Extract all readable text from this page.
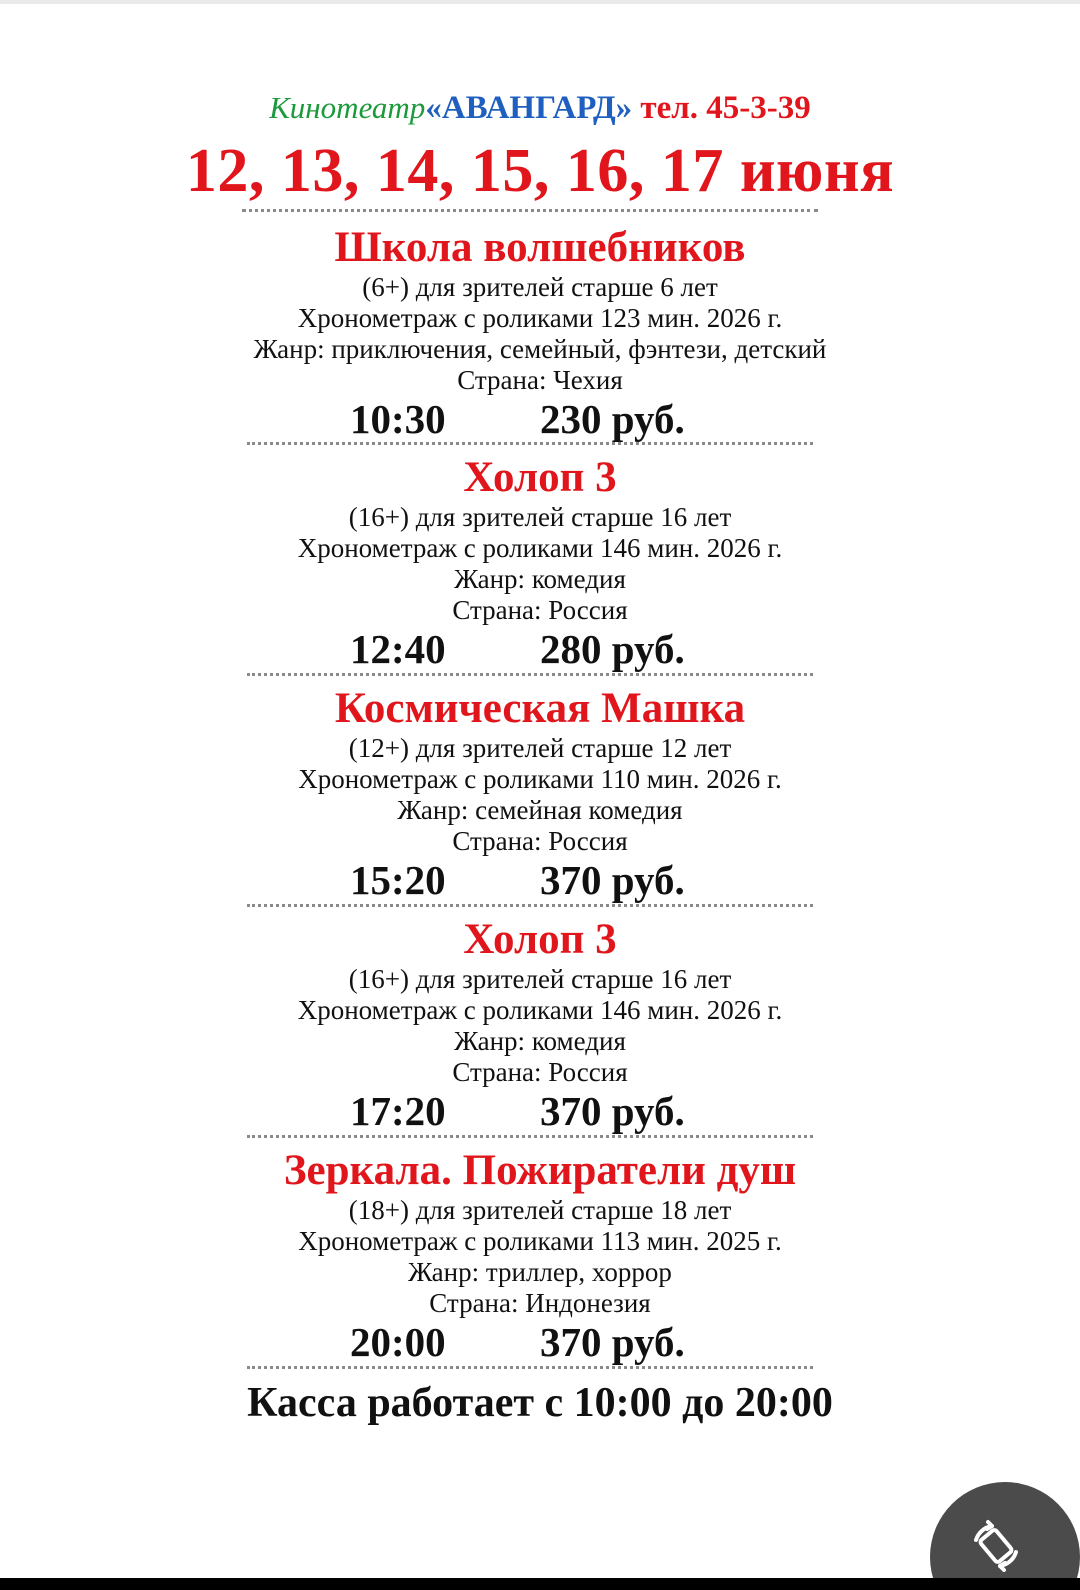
Кинотеатр«АВАНГАРД» тел. 45-3-39
12, 13, 14, 15, 16, 17 июня
Школа волшебников
(6+) для зрителей старше 6 лет
Хронометраж с роликами 123 мин. 2026 г.
Жанр: приключения, семейный, фэнтези, детский
Страна: Чехия
10:30 230 руб.
Холоп 3
(16+) для зрителей старше 16 лет
Хронометраж с роликами 146 мин. 2026 г.
Жанр: комедия
Страна: Россия
12:40 280 руб.
Космическая Машка
(12+) для зрителей старше 12 лет
Хронометраж с роликами 110 мин. 2026 г.
Жанр: семейная комедия
Страна: Россия
15:20 370 руб.
Холоп 3
(16+) для зрителей старше 16 лет
Хронометраж с роликами 146 мин. 2026 г.
Жанр: комедия
Страна: Россия
17:20 370 руб.
Зеркала. Пожиратели душ
(18+) для зрителей старше 18 лет
Хронометраж с роликами 113 мин. 2025 г.
Жанр: триллер, хоррор
Страна: Индонезия
20:00 370 руб.
Касса работает с 10:00 до 20:00
